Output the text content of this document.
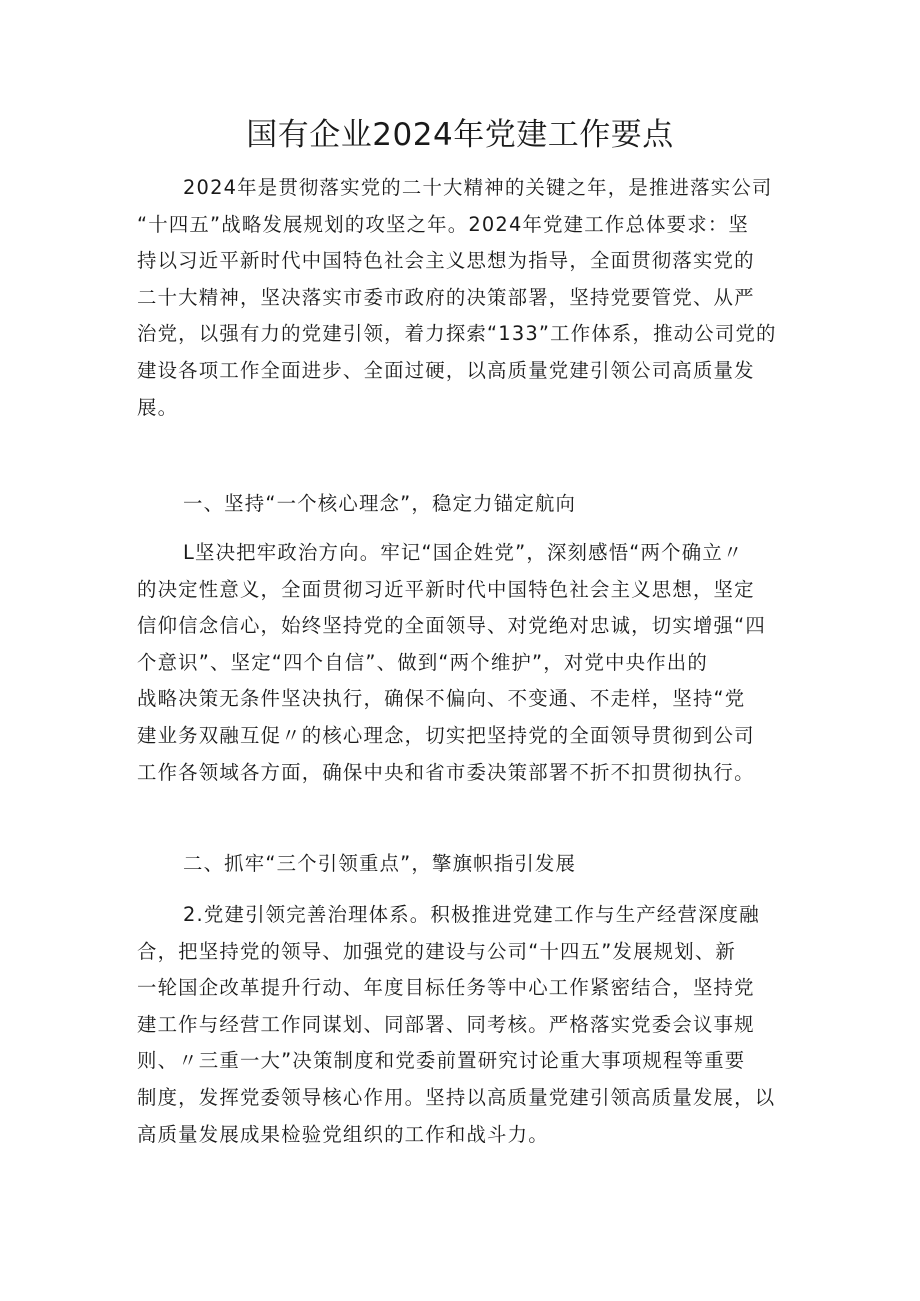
国有企业2024年党建工作要点
2024年是贯彻落实党的二十大精神的关键之年，是推进落实公司
“十四五”战略发展规划的攻坚之年。2024年党建工作总体要求：坚
持以习近平新时代中国特色社会主义思想为指导，全面贯彻落实党的
二十大精神，坚决落实市委市政府的决策部署，坚持党要管党、从严
治党，以强有力的党建引领，着力探索“133”工作体系，推动公司党的
建设各项工作全面进步、全面过硬，以高质量党建引领公司高质量发
展。
一、坚持“一个核心理念”，稳定力锚定航向
L坚决把牢政治方向。牢记“国企姓党”，深刻感悟“两个确立〃
的决定性意义，全面贯彻习近平新时代中国特色社会主义思想，坚定
信仰信念信心，始终坚持党的全面领导、对党绝对忠诚，切实增强“四
个意识”、坚定“四个自信”、做到“两个维护”，对党中央作出的
战略决策无条件坚决执行，确保不偏向、不变通、不走样，坚持“党
建业务双融互促〃的核心理念，切实把坚持党的全面领导贯彻到公司
工作各领域各方面，确保中央和省市委决策部署不折不扣贯彻执行。
二、抓牢“三个引领重点”，擎旗帜指引发展
2.党建引领完善治理体系。积极推进党建工作与生产经营深度融
合，把坚持党的领导、加强党的建设与公司“十四五”发展规划、新
一轮国企改革提升行动、年度目标任务等中心工作紧密结合，坚持党
建工作与经营工作同谋划、同部署、同考核。严格落实党委会议事规
则、〃三重一大”决策制度和党委前置研究讨论重大事项规程等重要
制度，发挥党委领导核心作用。坚持以高质量党建引领高质量发展，以
高质量发展成果检验党组织的工作和战斗力。
